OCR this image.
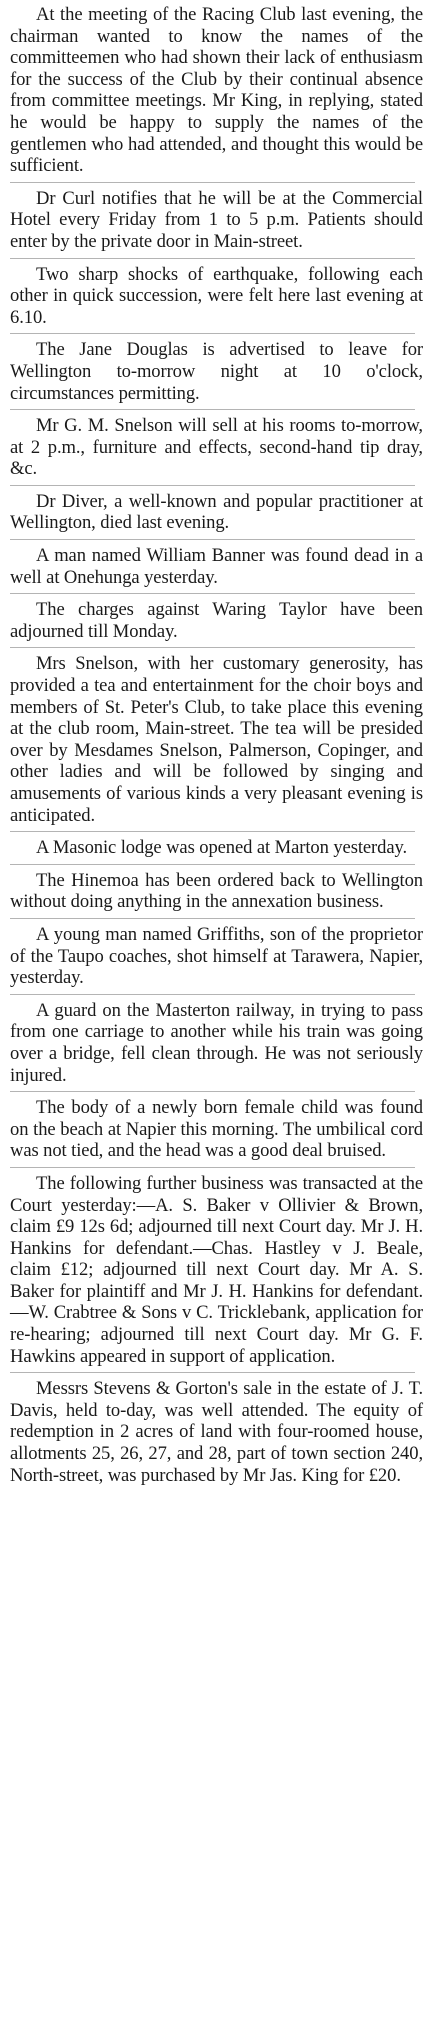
At the meeting of the Racing Club last evening, the chairman wanted to know the names of the committeemen who had shown their lack of enthusiasm for the success of the Club by their continual absence from committee meetings. Mr King, in replying, stated he would be happy to supply the names of the gentlemen who had attended, and thought this would be sufficient.

Dr Curl notifies that he will be at the Commercial Hotel every Friday from 1 to 5 p.m. Patients should enter by the private door in Main-street.

Two sharp shocks of earthquake, following each other in quick succession, were felt here last evening at 6.10.

The Jane Douglas is advertised to leave for Wellington to-morrow night at 10 o'clock, circumstances permitting.

Mr G. M. Snelson will sell at his rooms to-morrow, at 2 p.m., furniture and effects, second-hand tip dray, &c.

Dr Diver, a well-known and popular practitioner at Wellington, died last evening.

A man named William Banner was found dead in a well at Onehunga yesterday.

The charges against Waring Taylor have been adjourned till Monday.

Mrs Snelson, with her customary generosity, has provided a tea and entertainment for the choir boys and members of St. Peter's Club, to take place this evening at the club room, Main-street. The tea will be presided over by Mesdames Snelson, Palmerson, Copinger, and other ladies and will be followed by singing and amusements of various kinds a very pleasant evening is anticipated.

A Masonic lodge was opened at Marton yesterday.

The Hinemoa has been ordered back to Wellington without doing anything in the annexation business.

A young man named Griffiths, son of the proprietor of the Taupo coaches, shot himself at Tarawera, Napier, yesterday.

A guard on the Masterton railway, in trying to pass from one carriage to another while his train was going over a bridge, fell clean through. He was not seriously injured.

The body of a newly born female child was found on the beach at Napier this morning. The umbilical cord was not tied, and the head was a good deal bruised.

The following further business was transacted at the Court yesterday:—A. S. Baker v Ollivier & Brown, claim £9 12s 6d; adjourned till next Court day. Mr J. H. Hankins for defendant.—Chas. Hastley v J. Beale, claim £12; adjourned till next Court day. Mr A. S. Baker for plaintiff and Mr J. H. Hankins for defendant.—W. Crabtree & Sons v C. Tricklebank, application for re-hearing; adjourned till next Court day. Mr G. F. Hawkins appeared in support of application.

Messrs Stevens & Gorton's sale in the estate of J. T. Davis, held to-day, was well attended. The equity of redemption in 2 acres of land with four-roomed house, allotments 25, 26, 27, and 28, part of town section 240, North-street, was purchased by Mr Jas. King for £20.
